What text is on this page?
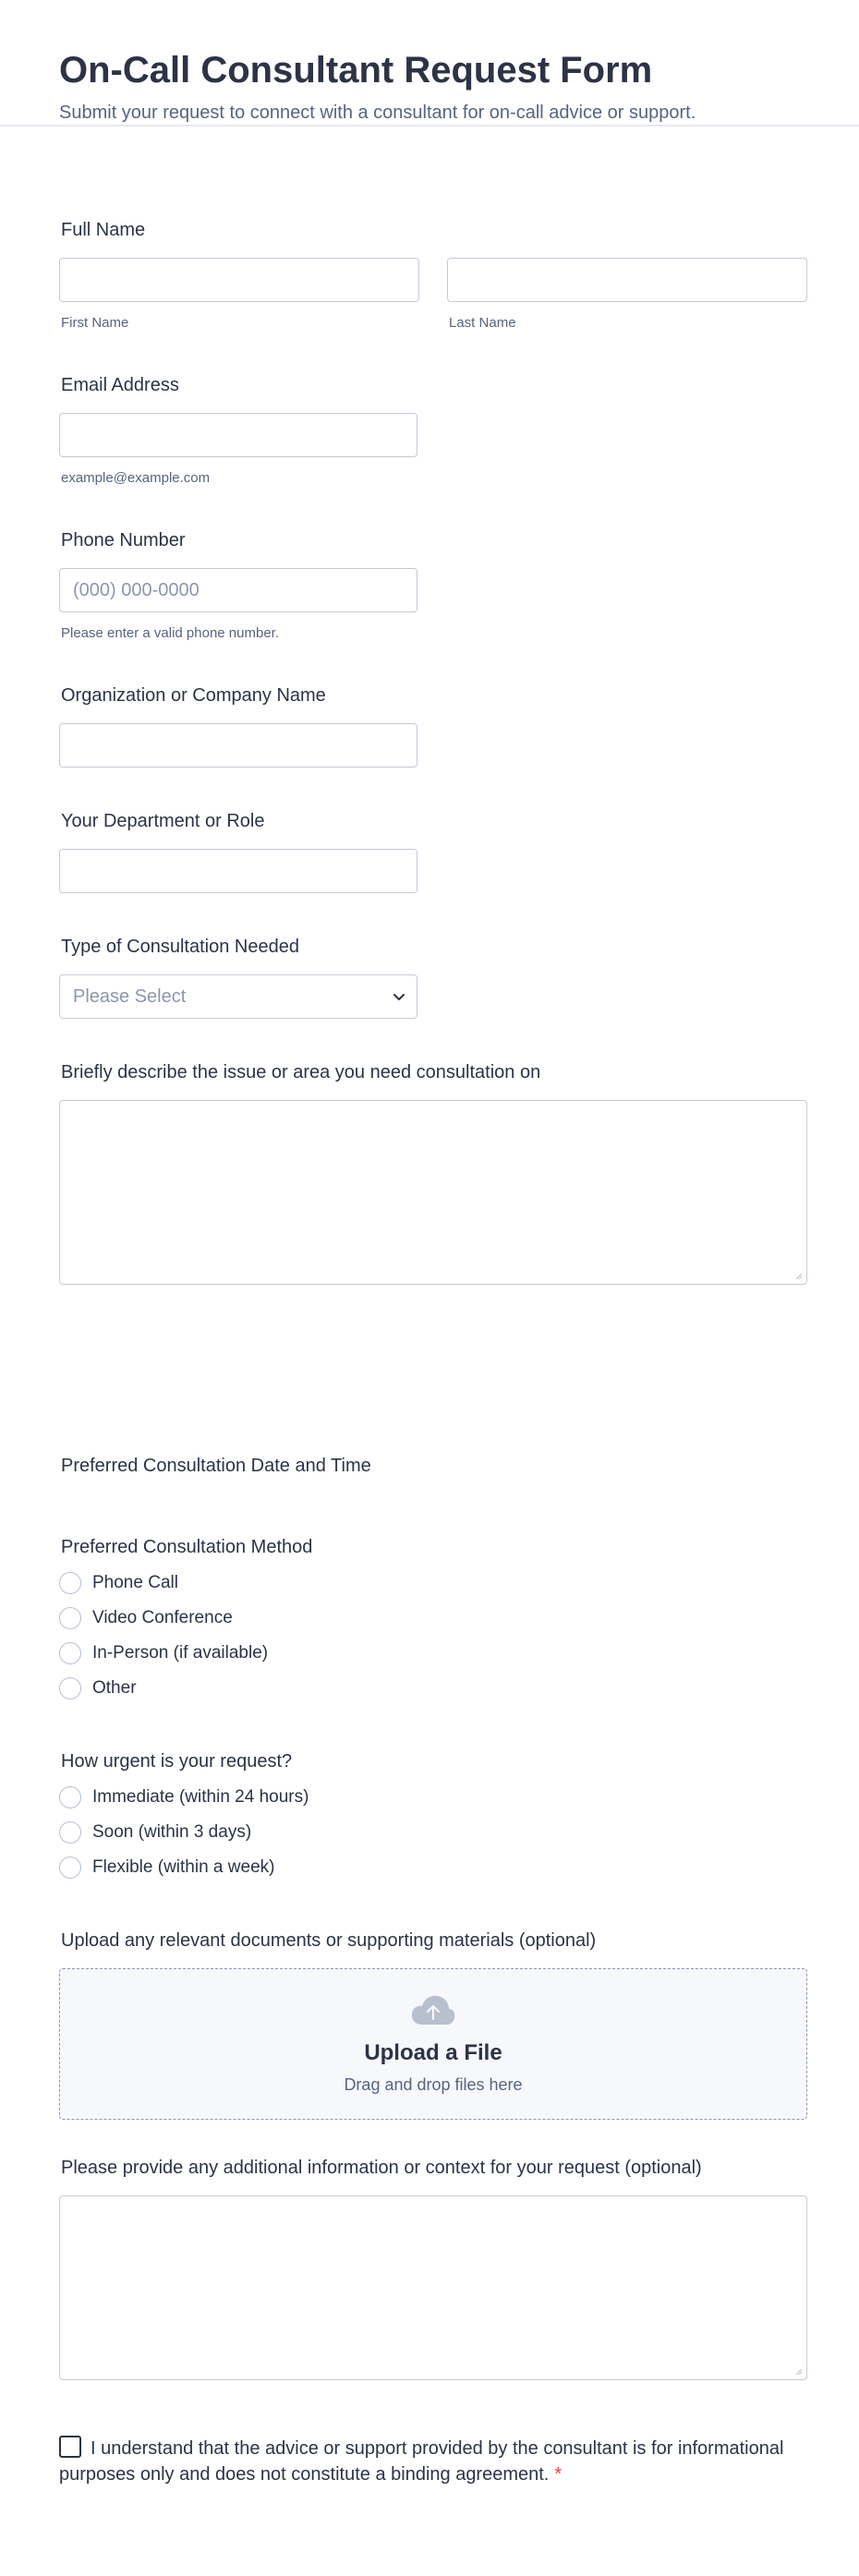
On-Call Consultant Request Form
Submit your request to connect with a consultant for on-call advice or support.
Full Name
First Name	Last Name
Email Address
example@example.com
Phone Number
(000) 000-0000
Please enter a valid phone number.
Organization or Company Name
Your Department or Role
Type of Consultation Needed
Please Select
Briefly describe the issue or area you need consultation on
Preferred Consultation Date and Time
Preferred Consultation Method
Phone Call
Video Conference
In-Person (if available)
Other
How urgent is your request?
Immediate (within 24 hours)
Soon (within 3 days)
Flexible (within a week)
Upload any relevant documents or supporting materials (optional)
Upload a File
Drag and drop files here
Please provide any additional information or context for your request (optional)
I understand that the advice or support provided by the consultant is for informational purposes only and does not constitute a binding agreement. *
